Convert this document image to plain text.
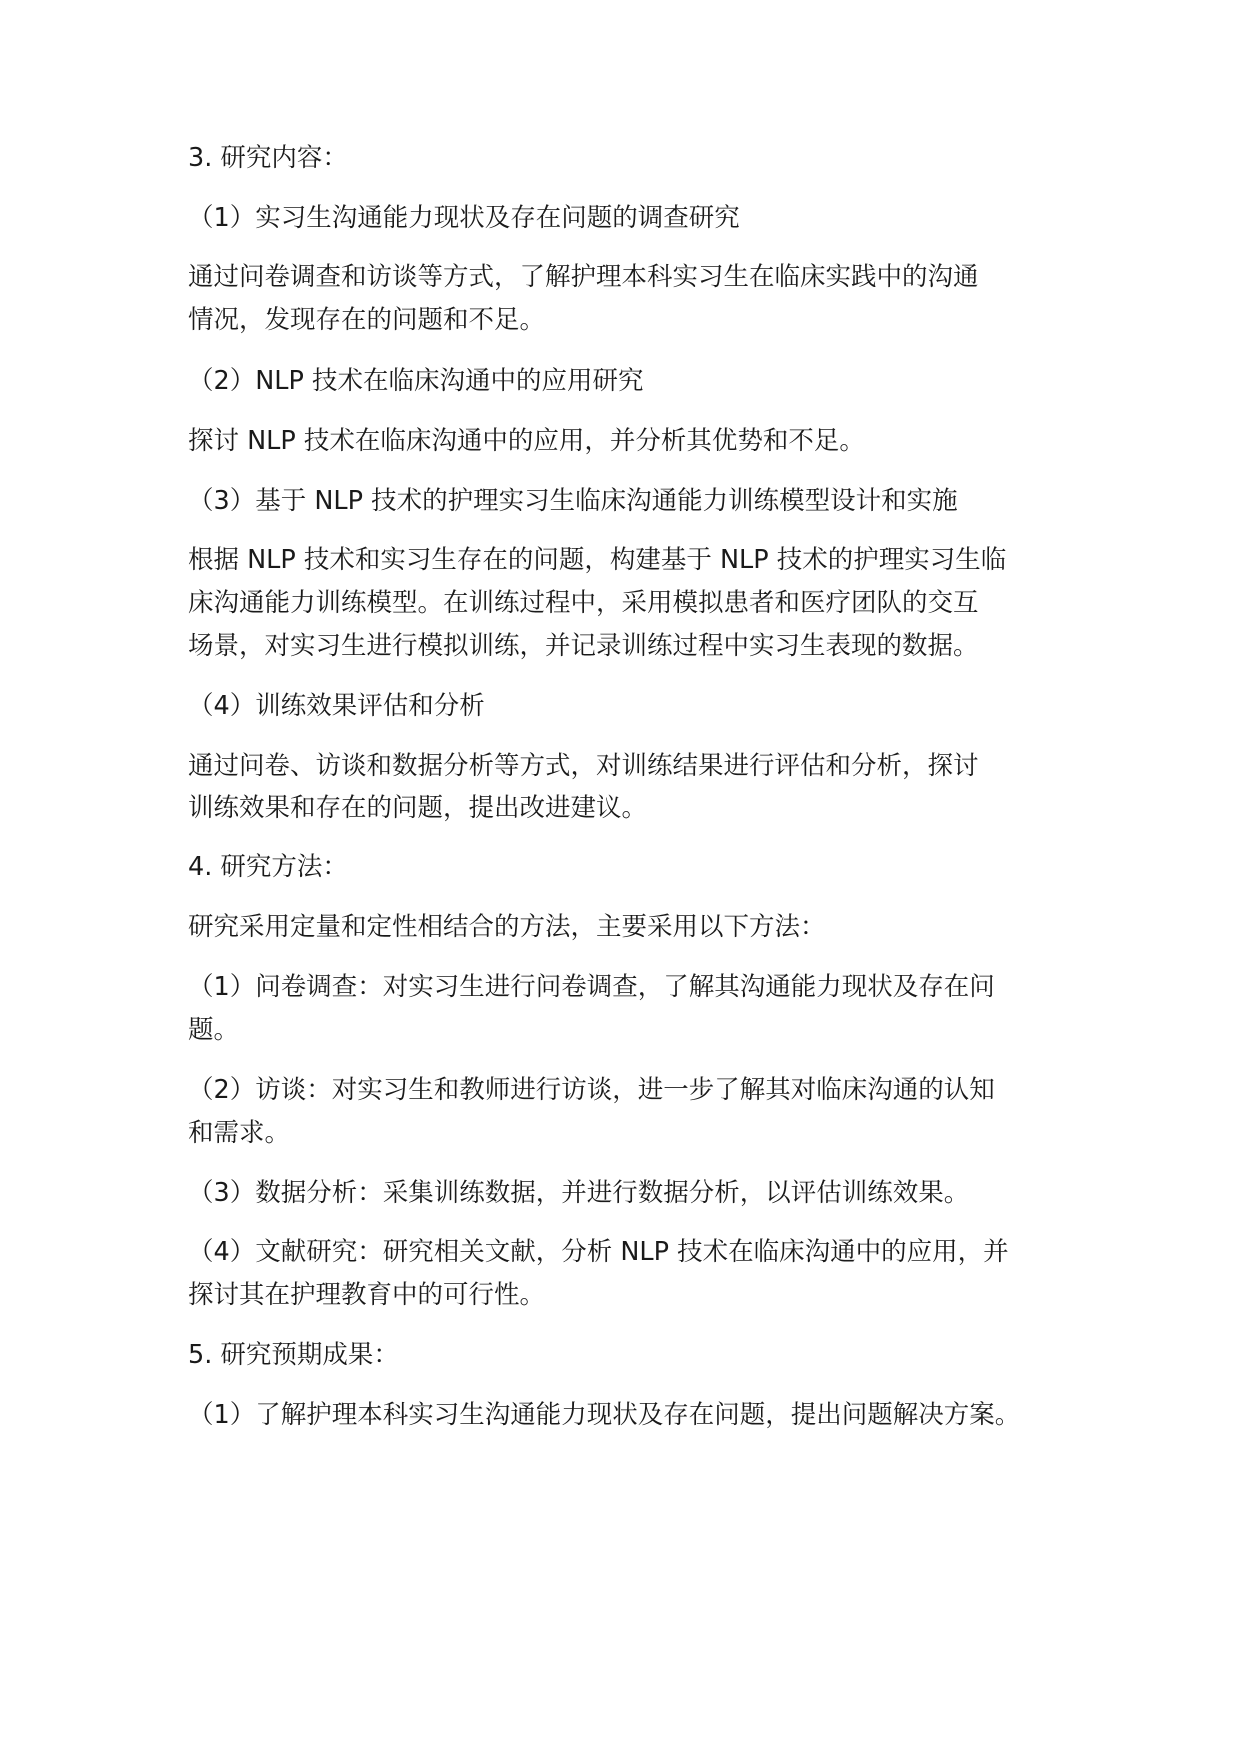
3. 研究内容：

（1）实习生沟通能力现状及存在问题的调查研究

通过问卷调查和访谈等方式，了解护理本科实习生在临床实践中的沟通

情况，发现存在的问题和不足。

（2）NLP 技术在临床沟通中的应用研究

探讨 NLP 技术在临床沟通中的应用，并分析其优势和不足。

（3）基于 NLP 技术的护理实习生临床沟通能力训练模型设计和实施

根据 NLP 技术和实习生存在的问题，构建基于 NLP 技术的护理实习生临

床沟通能力训练模型。在训练过程中，采用模拟患者和医疗团队的交互

场景，对实习生进行模拟训练，并记录训练过程中实习生表现的数据。

（4）训练效果评估和分析

通过问卷、访谈和数据分析等方式，对训练结果进行评估和分析，探讨

训练效果和存在的问题，提出改进建议。

4. 研究方法：

研究采用定量和定性相结合的方法，主要采用以下方法：

（1）问卷调查：对实习生进行问卷调查，了解其沟通能力现状及存在问

题。

（2）访谈：对实习生和教师进行访谈，进一步了解其对临床沟通的认知

和需求。

（3）数据分析：采集训练数据，并进行数据分析，以评估训练效果。

（4）文献研究：研究相关文献，分析 NLP 技术在临床沟通中的应用，并

探讨其在护理教育中的可行性。

5. 研究预期成果：

（1）了解护理本科实习生沟通能力现状及存在问题，提出问题解决方案。
